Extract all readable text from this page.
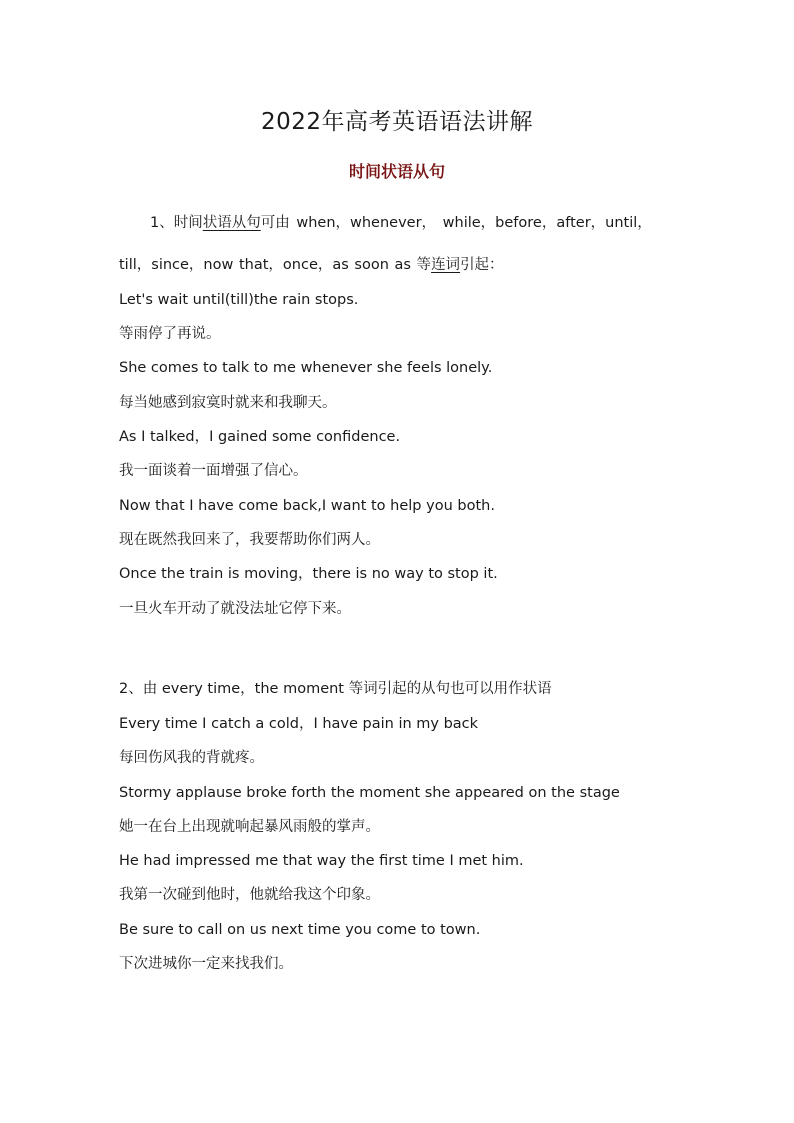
2022年高考英语语法讲解
时间状语从句
1、时间状语从句可由 when，whenever， while，before，after，until，
till，since，now that，once，as soon as 等连词引起：
Let's wait until(till)the rain stops.
等雨停了再说。
She comes to talk to me whenever she feels lonely.
每当她感到寂寞时就来和我聊天。
As I talked，I gained some confidence.
我一面谈着一面增强了信心。
Now that I have come back,I want to help you both.
现在既然我回来了，我要帮助你们两人。
Once the train is moving，there is no way to stop it.
一旦火车开动了就没法址它停下来。
2、由 every time，the moment 等词引起的从句也可以用作状语
Every time I catch a cold，I have pain in my back
每回伤风我的背就疼。
Stormy applause broke forth the moment she appeared on the stage
她一在台上出现就响起暴风雨般的掌声。
He had impressed me that way the first time I met him.
我第一次碰到他时，他就给我这个印象。
Be sure to call on us next time you come to town.
下次进城你一定来找我们。
